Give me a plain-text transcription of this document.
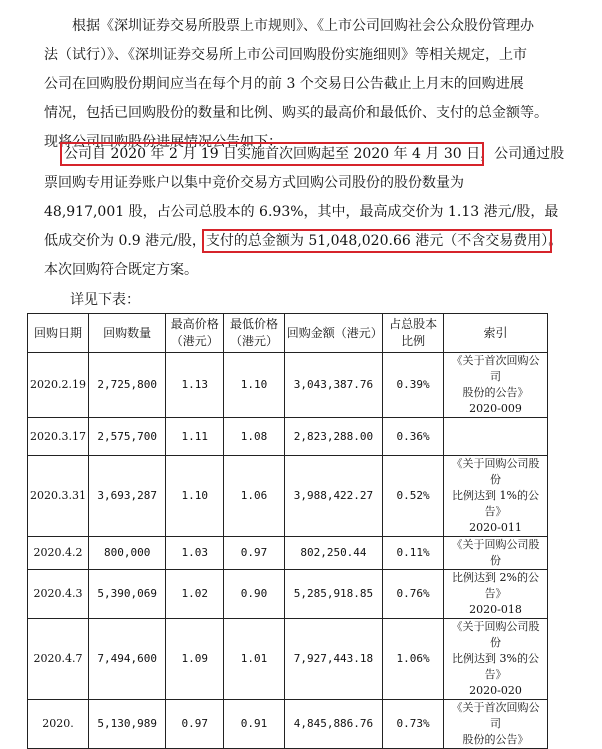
根据《深圳证券交易所股票上市规则》、《上市公司回购社会公众股份管理办
法（试行）》、《深圳证券交易所上市公司回购股份实施细则》等相关规定，上市
公司在回购股份期间应当在每个月的前 3 个交易日公告截止上月末的回购进展
情况，包括已回购股份的数量和比例、购买的最高价和最低价、支付的总金额等。
现将公司回购股份进展情况公告如下：
公司自 2020 年 2 月 19 日实施首次回购起至 2020 年 4 月 30 日，公司通过股
票回购专用证券账户以集中竞价交易方式回购公司股份的股份数量为
48,917,001 股，占公司总股本的 6.93%，其中，最高成交价为 1.13 港元/股，最
低成交价为 0.9 港元/股，支付的总金额为 51,048,020.66 港元（不含交易费用）。
本次回购符合既定方案。
详见下表：
回购日期	回购数量	最高价格（港元）	最低价格（港元）	回购金额（港元）	占总股本比例	索引
2020.2.19	2,725,800	1.13	1.10	3,043,387.76	0.39%	《关于首次回购公司
股份的公告》
2020-009

2020.3.17	2,575,700	1.11	1.08	2,823,288.00	0.36%	
2020.3.31	3,693,287	1.10	1.06	3,988,422.27	0.52%	《关于回购公司股份
比例达到 1%的公告》
2020-011

2020.4.2	800,000	1.03	0.97	802,250.44	0.11%	《关于回购公司股份

2020.4.3	5,390,069	1.02	0.90	5,285,918.85	0.76%	比例达到 2%的公告》
2020-018

2020.4.7	7,494,600	1.09	1.01	7,927,443.18	1.06%	《关于回购公司股份
比例达到 3%的公告》
2020-020

2020.	5,130,989	0.97	0.91	4,845,886.76	0.73%	《关于首次回购公司
股份的公告》
